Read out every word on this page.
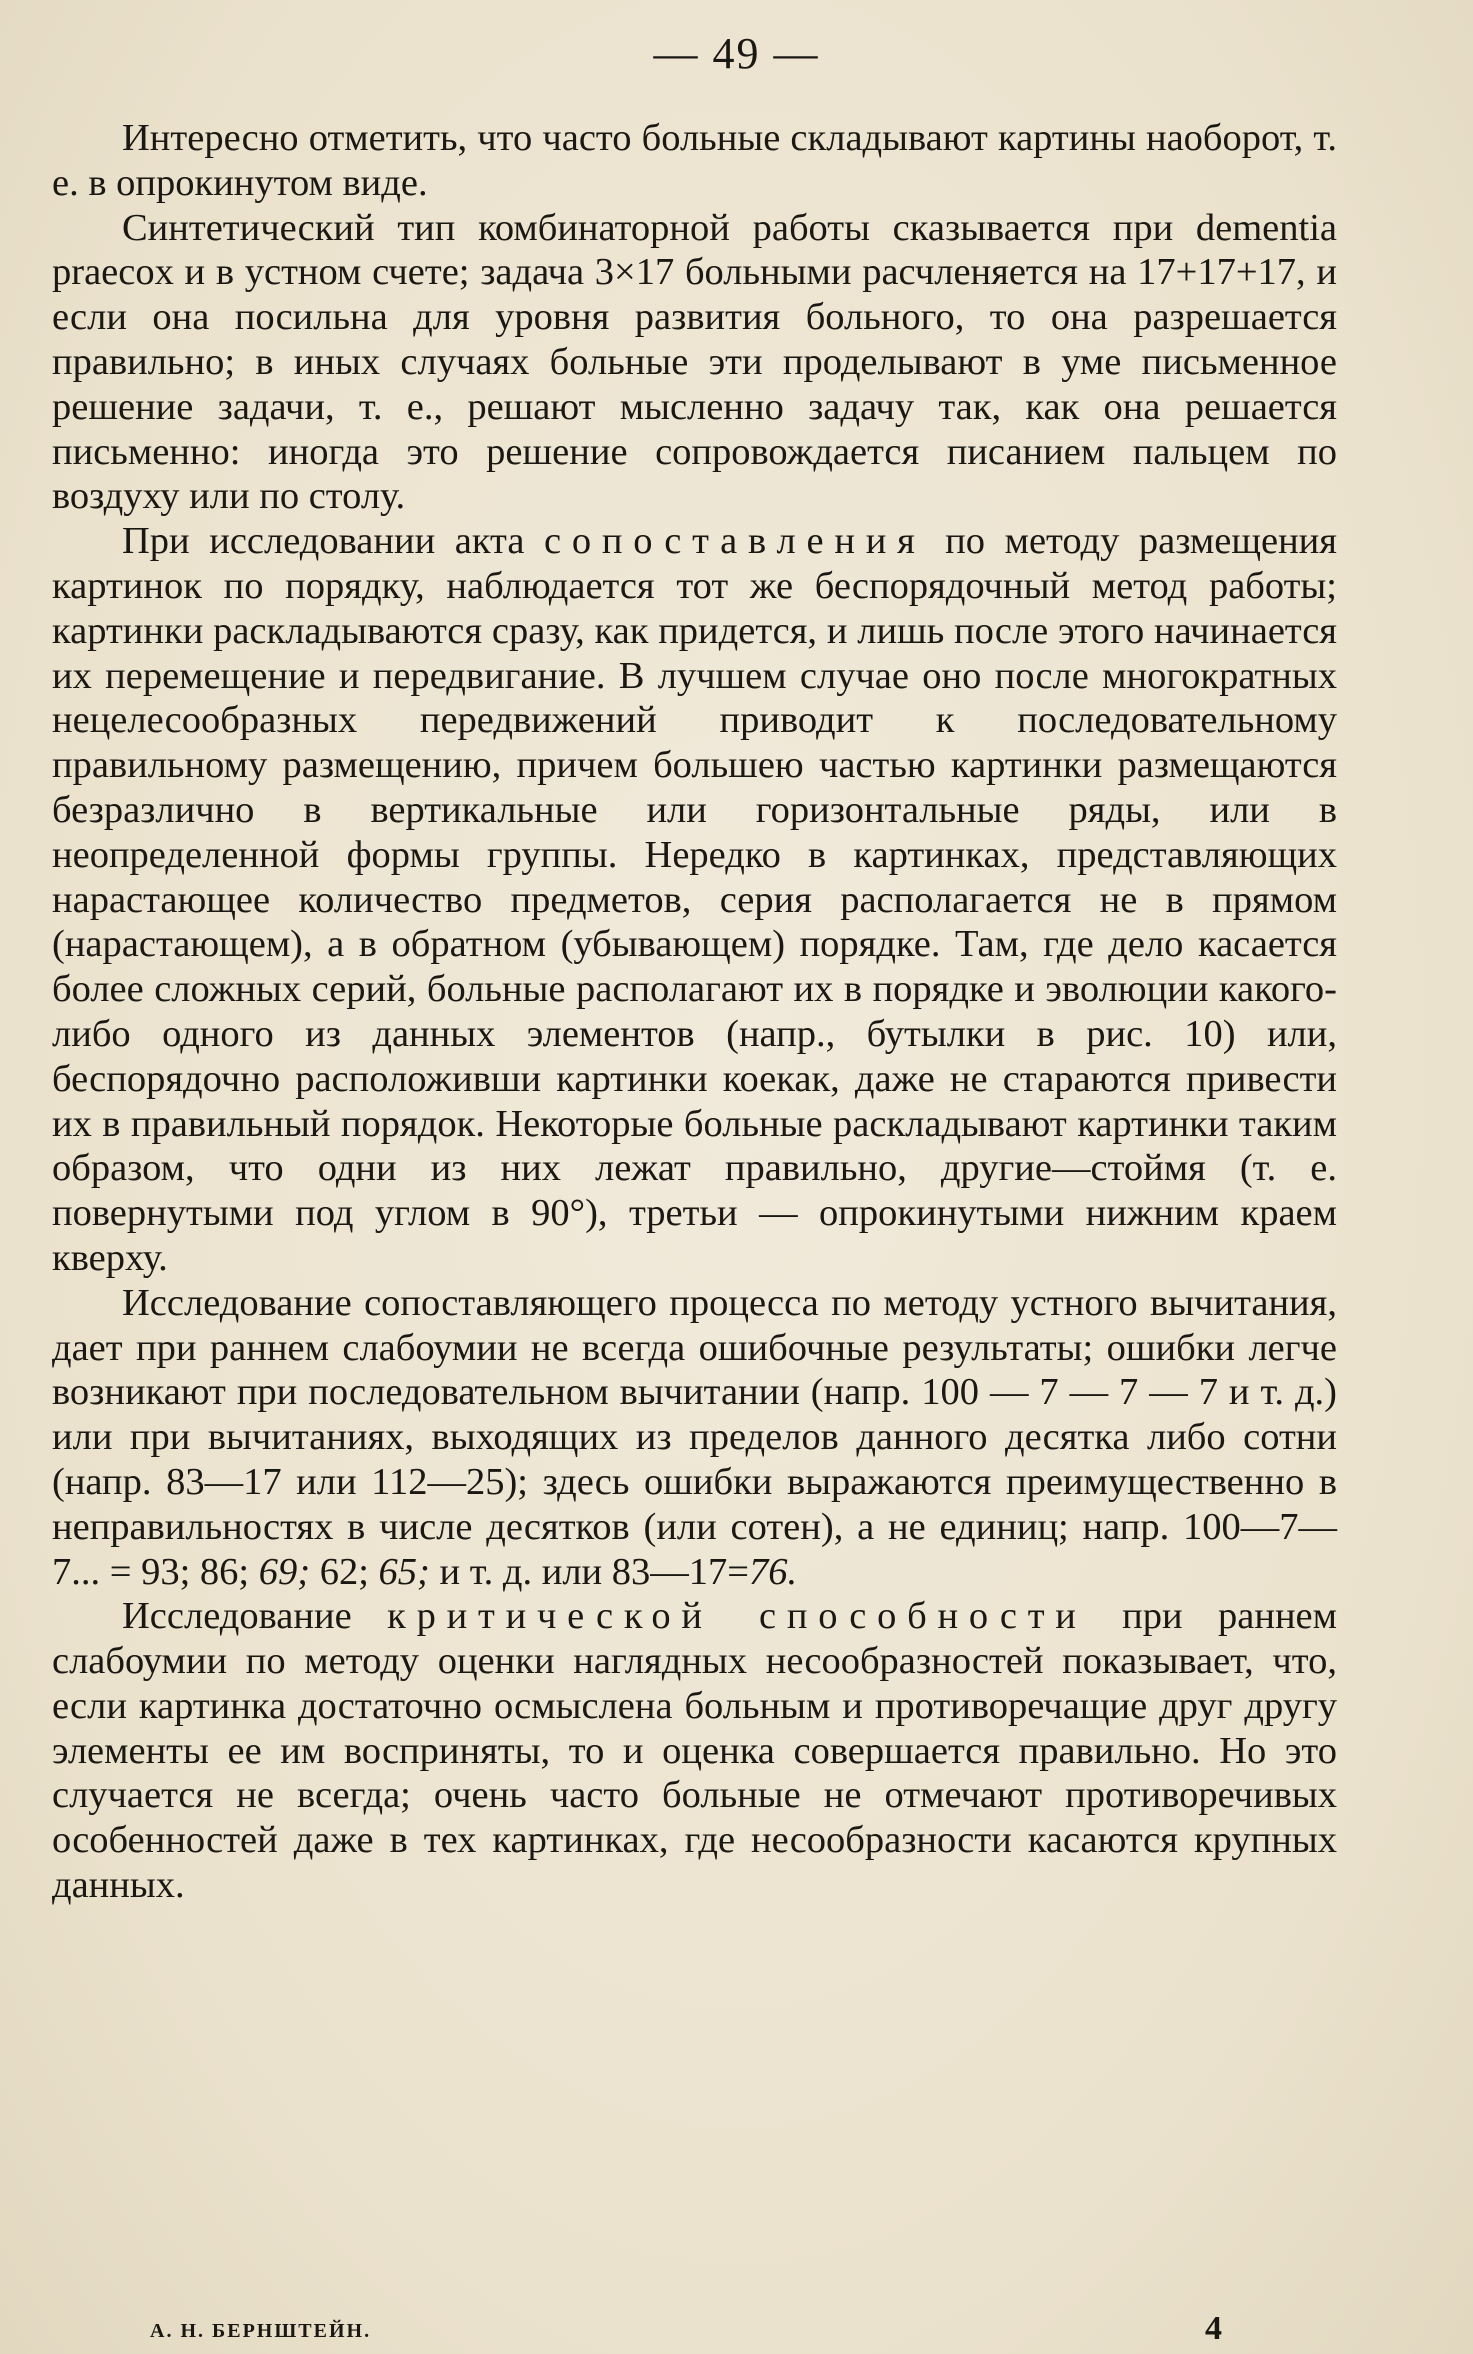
— 49 —

Интересно отметить, что часто больные складывают картины наоборот, т. е. в опрокинутом виде.

Синтетический тип комбинаторной работы сказывается при dementia praecox и в устном счете; задача 3×17 больными расчленяется на 17+17+17, и если она посильна для уровня развития больного, то она разрешается правильно; в иных случаях больные эти проделывают в уме письменное решение задачи, т. е., решают мысленно задачу так, как она решается письменно: иногда это решение сопровождается писанием пальцем по воздуху или по столу.

При исследовании акта сопоставления по методу размещения картинок по порядку, наблюдается тот же беспорядочный метод работы; картинки раскладываются сразу, как придется, и лишь после этого начинается их перемещение и передвигание. В лучшем случае оно после многократных нецелесообразных передвижений приводит к последовательному правильному размещению, причем большею частью картинки размещаются безразлично в вертикальные или горизонтальные ряды, или в неопределенной формы группы. Нередко в картинках, представляющих нарастающее количество предметов, серия располагается не в прямом (нарастающем), а в обратном (убывающем) порядке. Там, где дело касается более сложных серий, больные располагают их в порядке и эволюции какого-либо одного из данных элементов (напр., бутылки в рис. 10) или, беспорядочно расположивши картинки коекак, даже не стараются привести их в правильный порядок. Некоторые больные раскладывают картинки таким образом, что одни из них лежат правильно, другие—стоймя (т. е. повернутыми под углом в 90°), третьи — опрокинутыми нижним краем кверху.

Исследование сопоставляющего процесса по методу устного вычитания, дает при раннем слабоумии не всегда ошибочные результаты; ошибки легче возникают при последовательном вычитании (напр. 100 — 7 — 7 — 7 и т. д.) или при вычитаниях, выходящих из пределов данного десятка либо сотни (напр. 83—17 или 112—25); здесь ошибки выражаются преимущественно в неправильностях в числе десятков (или сотен), а не единиц; напр. 100—7—7... = 93; 86; 69; 62; 65; и т. д. или 83—17=76.

Исследование критической способности при раннем слабоумии по методу оценки наглядных несообразностей показывает, что, если картинка достаточно осмыслена больным и противоречащие друг другу элементы ее им восприняты, то и оценка совершается правильно. Но это случается не всегда; очень часто больные не отмечают противоречивых особенностей даже в тех картинках, где несообразности касаются крупных данных.

А. Н. БЕРНШТЕЙН.	4
